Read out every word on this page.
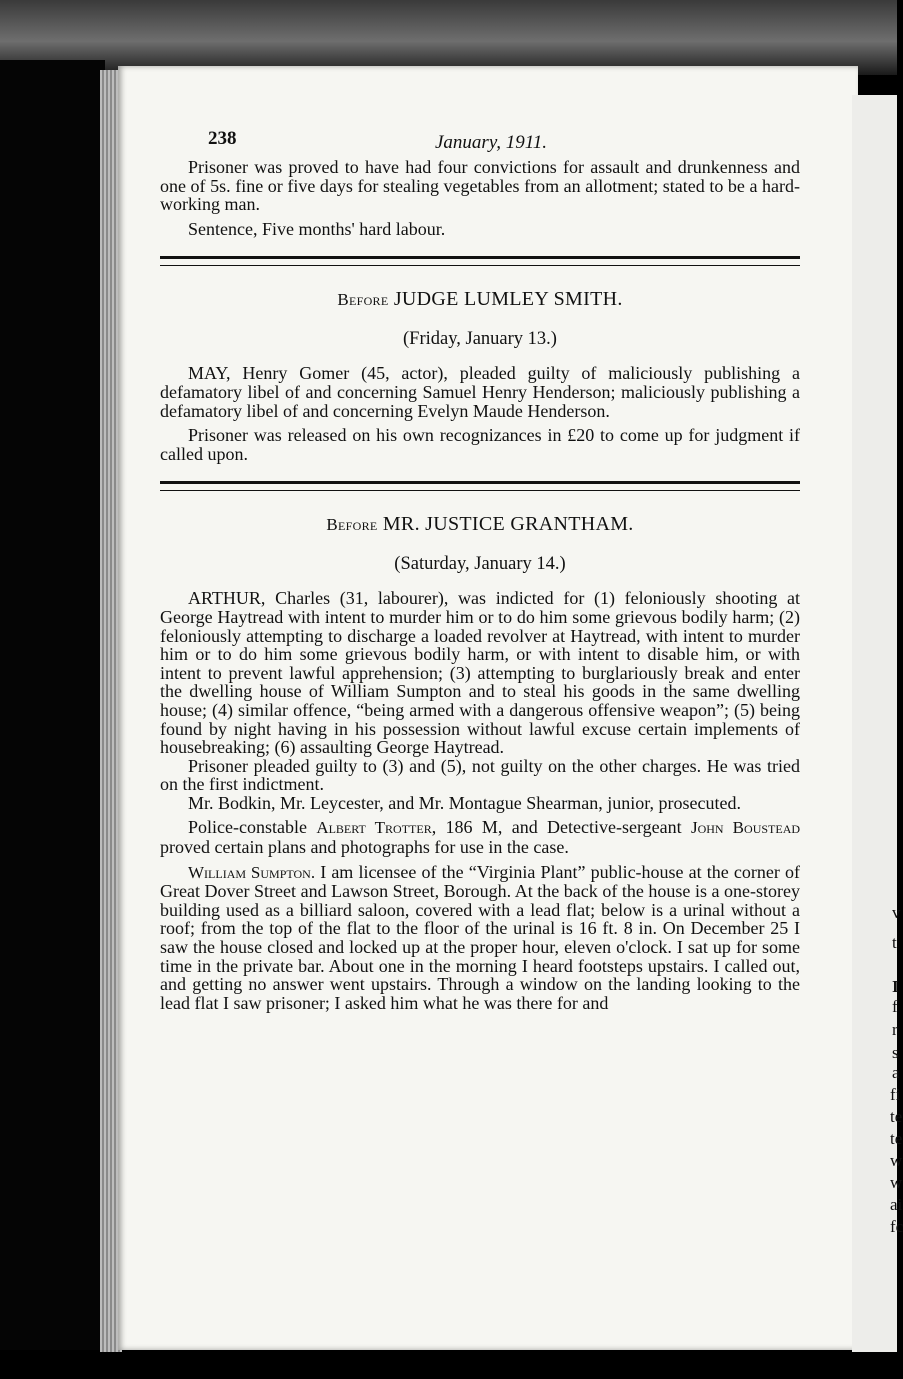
v
t
I
f
r
s
a
fi
te
te
w
w
ai
fc
238	January, 1911.

Prisoner was proved to have had four convictions for assault and drunkenness and one of 5s. fine or five days for stealing vegetables from an allotment; stated to be a hard-working man.

Sentence, Five months' hard labour.

Before JUDGE LUMLEY SMITH.
(Friday, January 13.)

MAY, Henry Gomer (45, actor), pleaded guilty of maliciously publishing a defamatory libel of and concerning Samuel Henry Henderson; maliciously publishing a defamatory libel of and concerning Evelyn Maude Henderson.

Prisoner was released on his own recognizances in £20 to come up for judgment if called upon.

Before MR. JUSTICE GRANTHAM.
(Saturday, January 14.)

ARTHUR, Charles (31, labourer), was indicted for (1) feloniously shooting at George Haytread with intent to murder him or to do him some grievous bodily harm; (2) feloniously attempting to discharge a loaded revolver at Haytread, with intent to murder him or to do him some grievous bodily harm, or with intent to disable him, or with intent to prevent lawful apprehension; (3) attempting to burglariously break and enter the dwelling house of William Sumpton and to steal his goods in the same dwelling house; (4) similar offence, “being armed with a dangerous offensive weapon”; (5) being found by night having in his possession without lawful excuse certain implements of housebreaking; (6) assaulting George Haytread.

Prisoner pleaded guilty to (3) and (5), not guilty on the other charges. He was tried on the first indictment.

Mr. Bodkin, Mr. Leycester, and Mr. Montague Shearman, junior, prosecuted.

Police-constable Albert Trotter, 186 M, and Detective-sergeant John Boustead proved certain plans and photographs for use in the case.

William Sumpton. I am licensee of the “Virginia Plant” public-house at the corner of Great Dover Street and Lawson Street, Borough. At the back of the house is a one-storey building used as a billiard saloon, covered with a lead flat; below is a urinal without a roof; from the top of the flat to the floor of the urinal is 16 ft. 8 in. On December 25 I saw the house closed and locked up at the proper hour, eleven o'clock. I sat up for some time in the private bar. About one in the morning I heard footsteps upstairs. I called out, and getting no answer went upstairs. Through a window on the landing looking to the lead flat I saw prisoner; I asked him what he was there for and
